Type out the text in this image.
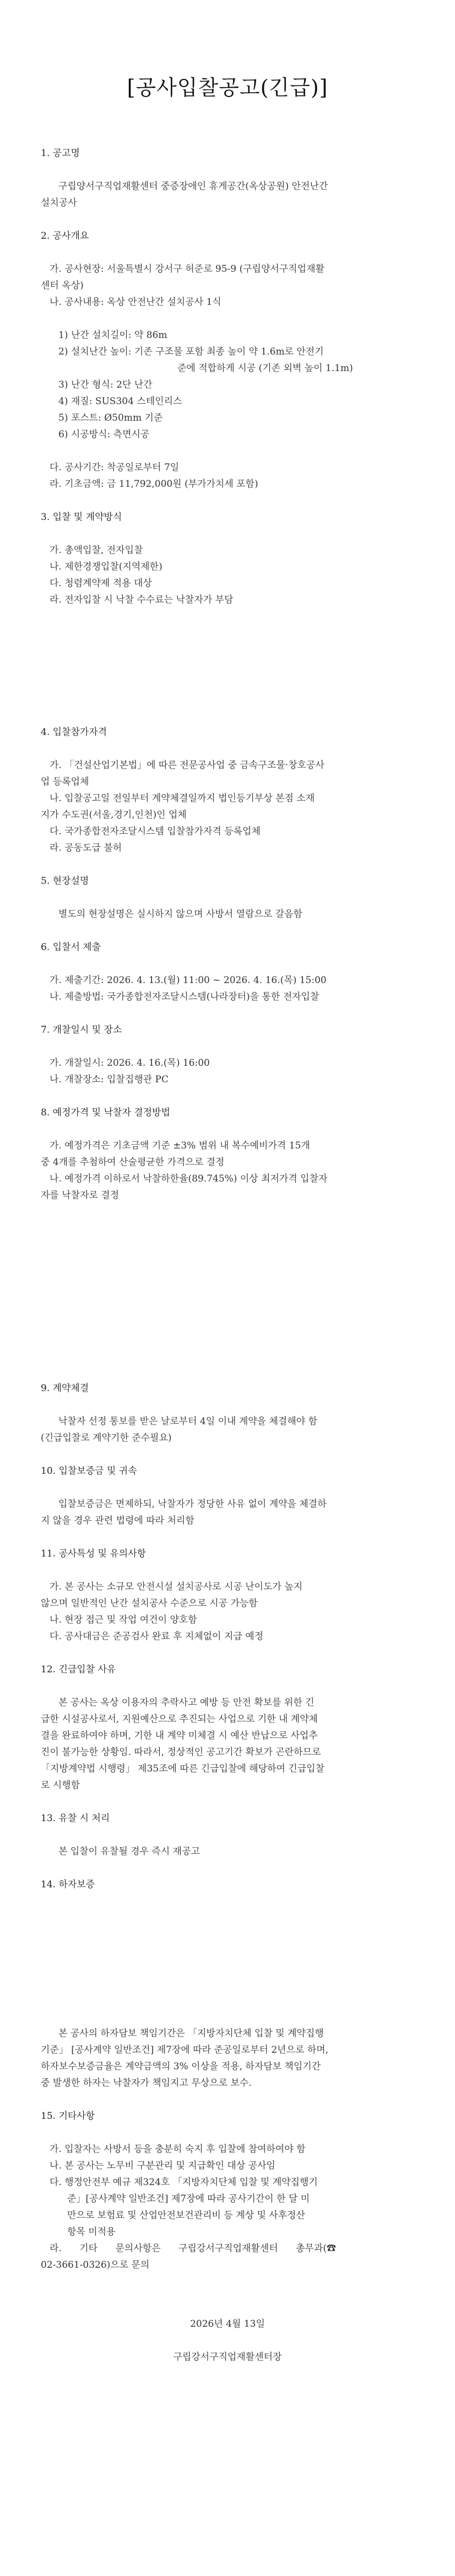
[공사입찰공고(긴급)]
1. 공고명
구립양서구직업재활센터 중증장애인 휴게공간(옥상공원) 안전난간
설치공사
2. 공사개요
가. 공사현장: 서울특별시 강서구 허준로 95-9 (구립양서구직업재활
센터 옥상)
나. 공사내용: 옥상 안전난간 설치공사 1식
1) 난간 설치길이: 약 86m
2) 설치난간 높이: 기존 구조물 포함 최종 높이 약 1.6m로 안전기
준에 적합하게 시공 (기존 외벽 높이 1.1m)
3) 난간 형식: 2단 난간
4) 재질: SUS304 스테인리스
5) 포스트: Ø50mm 기준
6) 시공방식: 측면시공
다. 공사기간: 착공일로부터 7일
라. 기초금액: 금 11,792,000원 (부가가치세 포함)
3. 입찰 및 계약방식
가. 총액입찰, 전자입찰
나. 제한경쟁입찰(지역제한)
다. 청렴계약제 적용 대상
라. 전자입찰 시 낙찰 수수료는 낙찰자가 부담
4. 입찰참가자격
가. 「건설산업기본법」에 따른 전문공사업 중 금속구조물·창호공사
업 등록업체
나. 입찰공고일 전일부터 계약체결일까지 법인등기부상 본점 소재
지가 수도권(서울,경기,인천)인 업체
다. 국가종합전자조달시스템 입찰참가자격 등록업체
라. 공동도급 불허
5. 현장설명
별도의 현장설명은 실시하지 않으며 사방서 열람으로 갈음함
6. 입찰서 제출
가. 제출기간: 2026. 4. 13.(월) 11:00 ~ 2026. 4. 16.(목) 15:00
나. 제출방법: 국가종합전자조달시스템(나라장터)을 통한 전자입찰
7. 개찰일시 및 장소
가. 개찰일시: 2026. 4. 16.(목) 16:00
나. 개찰장소: 입찰집행관 PC
8. 예정가격 및 낙찰자 결정방법
가. 예정가격은 기초금액 기준 ±3% 범위 내 복수예비가격 15개
중 4개를 추첨하여 산술평균한 가격으로 결정
나. 예정가격 이하로서 낙찰하한율(89.745%) 이상 최저가격 입찰자
자를 낙찰자로 결정
9. 계약체결
낙찰자 선정 통보를 받은 날로부터 4일 이내 계약을 체결해야 함
(긴급입찰로 계약기한 준수필요)
10. 입찰보증금 및 귀속
입찰보증금은 면제하되, 낙찰자가 정당한 사유 없이 계약을 체결하
지 않을 경우 관련 법령에 따라 처리함
11. 공사특성 및 유의사항
가. 본 공사는 소규모 안전시설 설치공사로 시공 난이도가 높지
않으며 일반적인 난간 설치공사 수준으로 시공 가능함
나. 현장 접근 및 작업 여건이 양호함
다. 공사대금은 준공검사 완료 후 지체없이 지급 예정
12. 긴급입찰 사유
본 공사는 옥상 이용자의 추락사고 예방 등 안전 확보를 위한 긴
급한 시설공사로서, 지원예산으로 추진되는 사업으로 기한 내 계약체
결을 완료하여야 하며, 기한 내 계약 미체결 시 예산 반납으로 사업추
진이 불가능한 상황임. 따라서, 정상적인 공고기간 확보가 곤란하므로
「지방계약법 시행령」 제35조에 따른 긴급입찰에 해당하여 긴급입찰
로 시행함
13. 유찰 시 처리
본 입찰이 유찰될 경우 즉시 재공고
14. 하자보증
본 공사의 하자담보 책임기간은 「지방자치단체 입찰 및 계약집행
기준」 [공사계약 일반조건] 제7장에 따라 준공일로부터 2년으로 하며,
하자보수보증금율은 계약금액의 3% 이상을 적용, 하자담보 책임기간
중 발생한 하자는 낙찰자가 책임지고 무상으로 보수.
15. 기타사항
가. 입찰자는 사방서 등을 충분히 숙지 후 입찰에 참여하여야 함
나. 본 공사는 노무비 구분관리 및 지급확인 대상 공사임
다. 행정안전부 예규 제324호 「지방자치단체 입찰 및 계약집행기
준」[공사계약 일반조건] 제7장에 따라 공사기간이 한 달 미
만으로 보험료 및 산업안전보건관리비 등 계상 및 사후정산
항목 미적용
라.      기타      문의사항은      구립강서구직업재활센터      총무과(☎
02-3661-0326)으로 문의
2026년 4월 13일
구립강서구직업재활센터장
